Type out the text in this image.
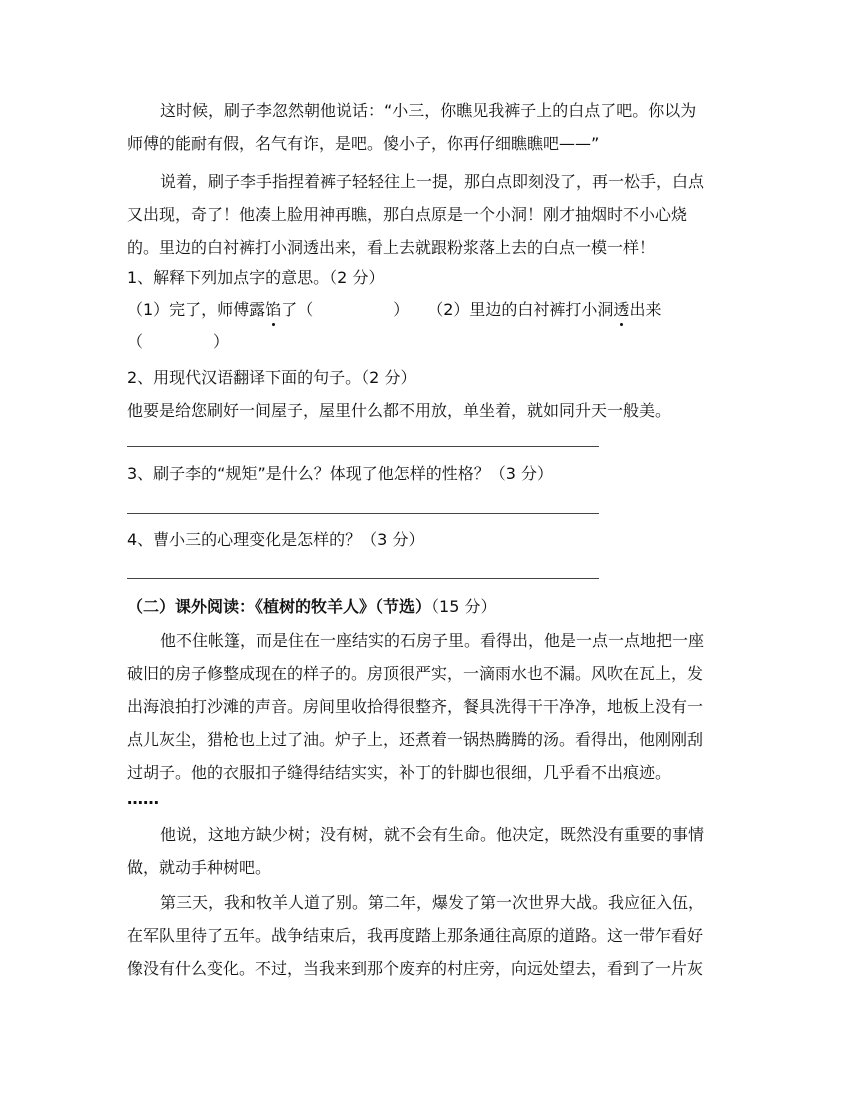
这时候，刷子李忽然朝他说话：“小三，你瞧见我裤子上的白点了吧。你以为
师傅的能耐有假，名气有诈，是吧。傻小子，你再仔细瞧瞧吧——”
说着，刷子李手指捏着裤子轻轻往上一提，那白点即刻没了，再一松手，白点
又出现，奇了！他凑上脸用神再瞧，那白点原是一个小洞！刚才抽烟时不小心烧
的。里边的白衬裤打小洞透出来，看上去就跟粉浆落上去的白点一模一样！
1、解释下列加点字的意思。（2 分）
（1）完了，师傅露馅了（	） （2）里边的白衬裤打小洞透出来
（	）
2、用现代汉语翻译下面的句子。（2 分）
他要是给您刷好一间屋子，屋里什么都不用放，单坐着，就如同升天一般美。
3、刷子李的“规矩”是什么？体现了他怎样的性格？（3 分）
4、曹小三的心理变化是怎样的？（3 分）
（二）课外阅读：《植树的牧羊人》（节选）（15 分）
他不住帐篷，而是住在一座结实的石房子里。看得出，他是一点一点地把一座
破旧的房子修整成现在的样子的。房顶很严实，一滴雨水也不漏。风吹在瓦上，发
出海浪拍打沙滩的声音。房间里收拾得很整齐，餐具洗得干干净净，地板上没有一
点儿灰尘，猎枪也上过了油。炉子上，还煮着一锅热腾腾的汤。看得出，他刚刚刮
过胡子。他的衣服扣子缝得结结实实，补丁的针脚也很细，几乎看不出痕迹。
……
他说，这地方缺少树；没有树，就不会有生命。他决定，既然没有重要的事情
做，就动手种树吧。
第三天，我和牧羊人道了别。第二年，爆发了第一次世界大战。我应征入伍，
在军队里待了五年。战争结束后，我再度踏上那条通往高原的道路。这一带乍看好
像没有什么变化。不过，当我来到那个废弃的村庄旁，向远处望去，看到了一片灰
